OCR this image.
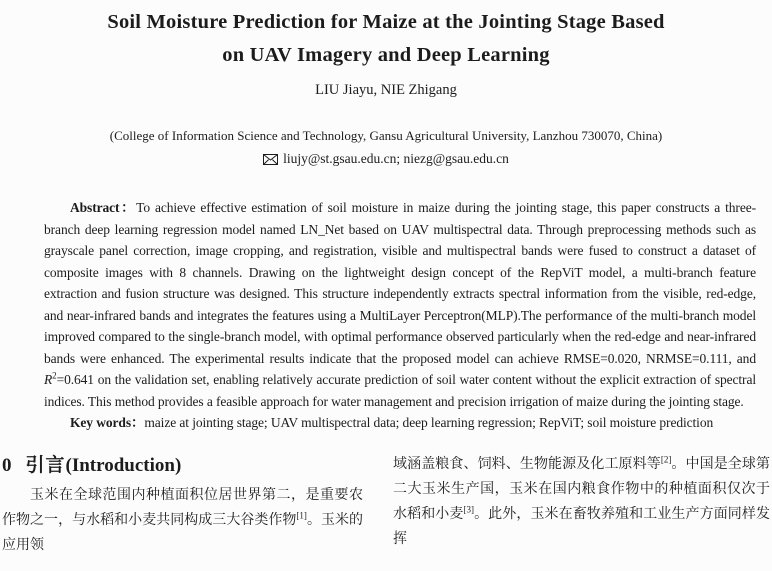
Soil Moisture Prediction for Maize at the Jointing Stage Based
on UAV Imagery and Deep Learning
LIU Jiayu, NIE Zhigang
(College of Information Science and Technology, Gansu Agricultural University, Lanzhou 730070, China)
liujy@st.gsau.edu.cn; niezg@gsau.edu.cn

Abstract：To achieve effective estimation of soil moisture in maize during the jointing stage, this paper constructs a three-branch deep learning regression model named LN_Net based on UAV multispectral data. Through preprocessing methods such as grayscale panel correction, image cropping, and registration, visible and multispectral bands were fused to construct a dataset of composite images with 8 channels. Drawing on the lightweight design concept of the RepViT model, a multi-branch feature extraction and fusion structure was designed. This structure independently extracts spectral information from the visible, red-edge, and near-infrared bands and integrates the features using a MultiLayer Perceptron(MLP).The performance of the multi-branch model improved compared to the single-branch model, with optimal performance observed particularly when the red-edge and near-infrared bands were enhanced. The experimental results indicate that the proposed model can achieve RMSE=0.020, NRMSE=0.111, and $R^2=0.641$ on the validation set, enabling relatively accurate prediction of soil water content without the explicit extraction of spectral indices. This method provides a feasible approach for water management and precision irrigation of maize during the jointing stage.

Key words：maize at jointing stage; UAV multispectral data; deep learning regression; RepViT; soil moisture prediction

0 引言(Introduction)

玉米在全球范围内种植面积位居世界第二，是重要农作物之一，与水稻和小麦共同构成三大谷类作物[1]。玉米的应用领

域涵盖粮食、饲料、生物能源及化工原料等[2]。中国是全球第二大玉米生产国，玉米在国内粮食作物中的种植面积仅次于水稻和小麦[3]。此外，玉米在畜牧养殖和工业生产方面同样发挥
